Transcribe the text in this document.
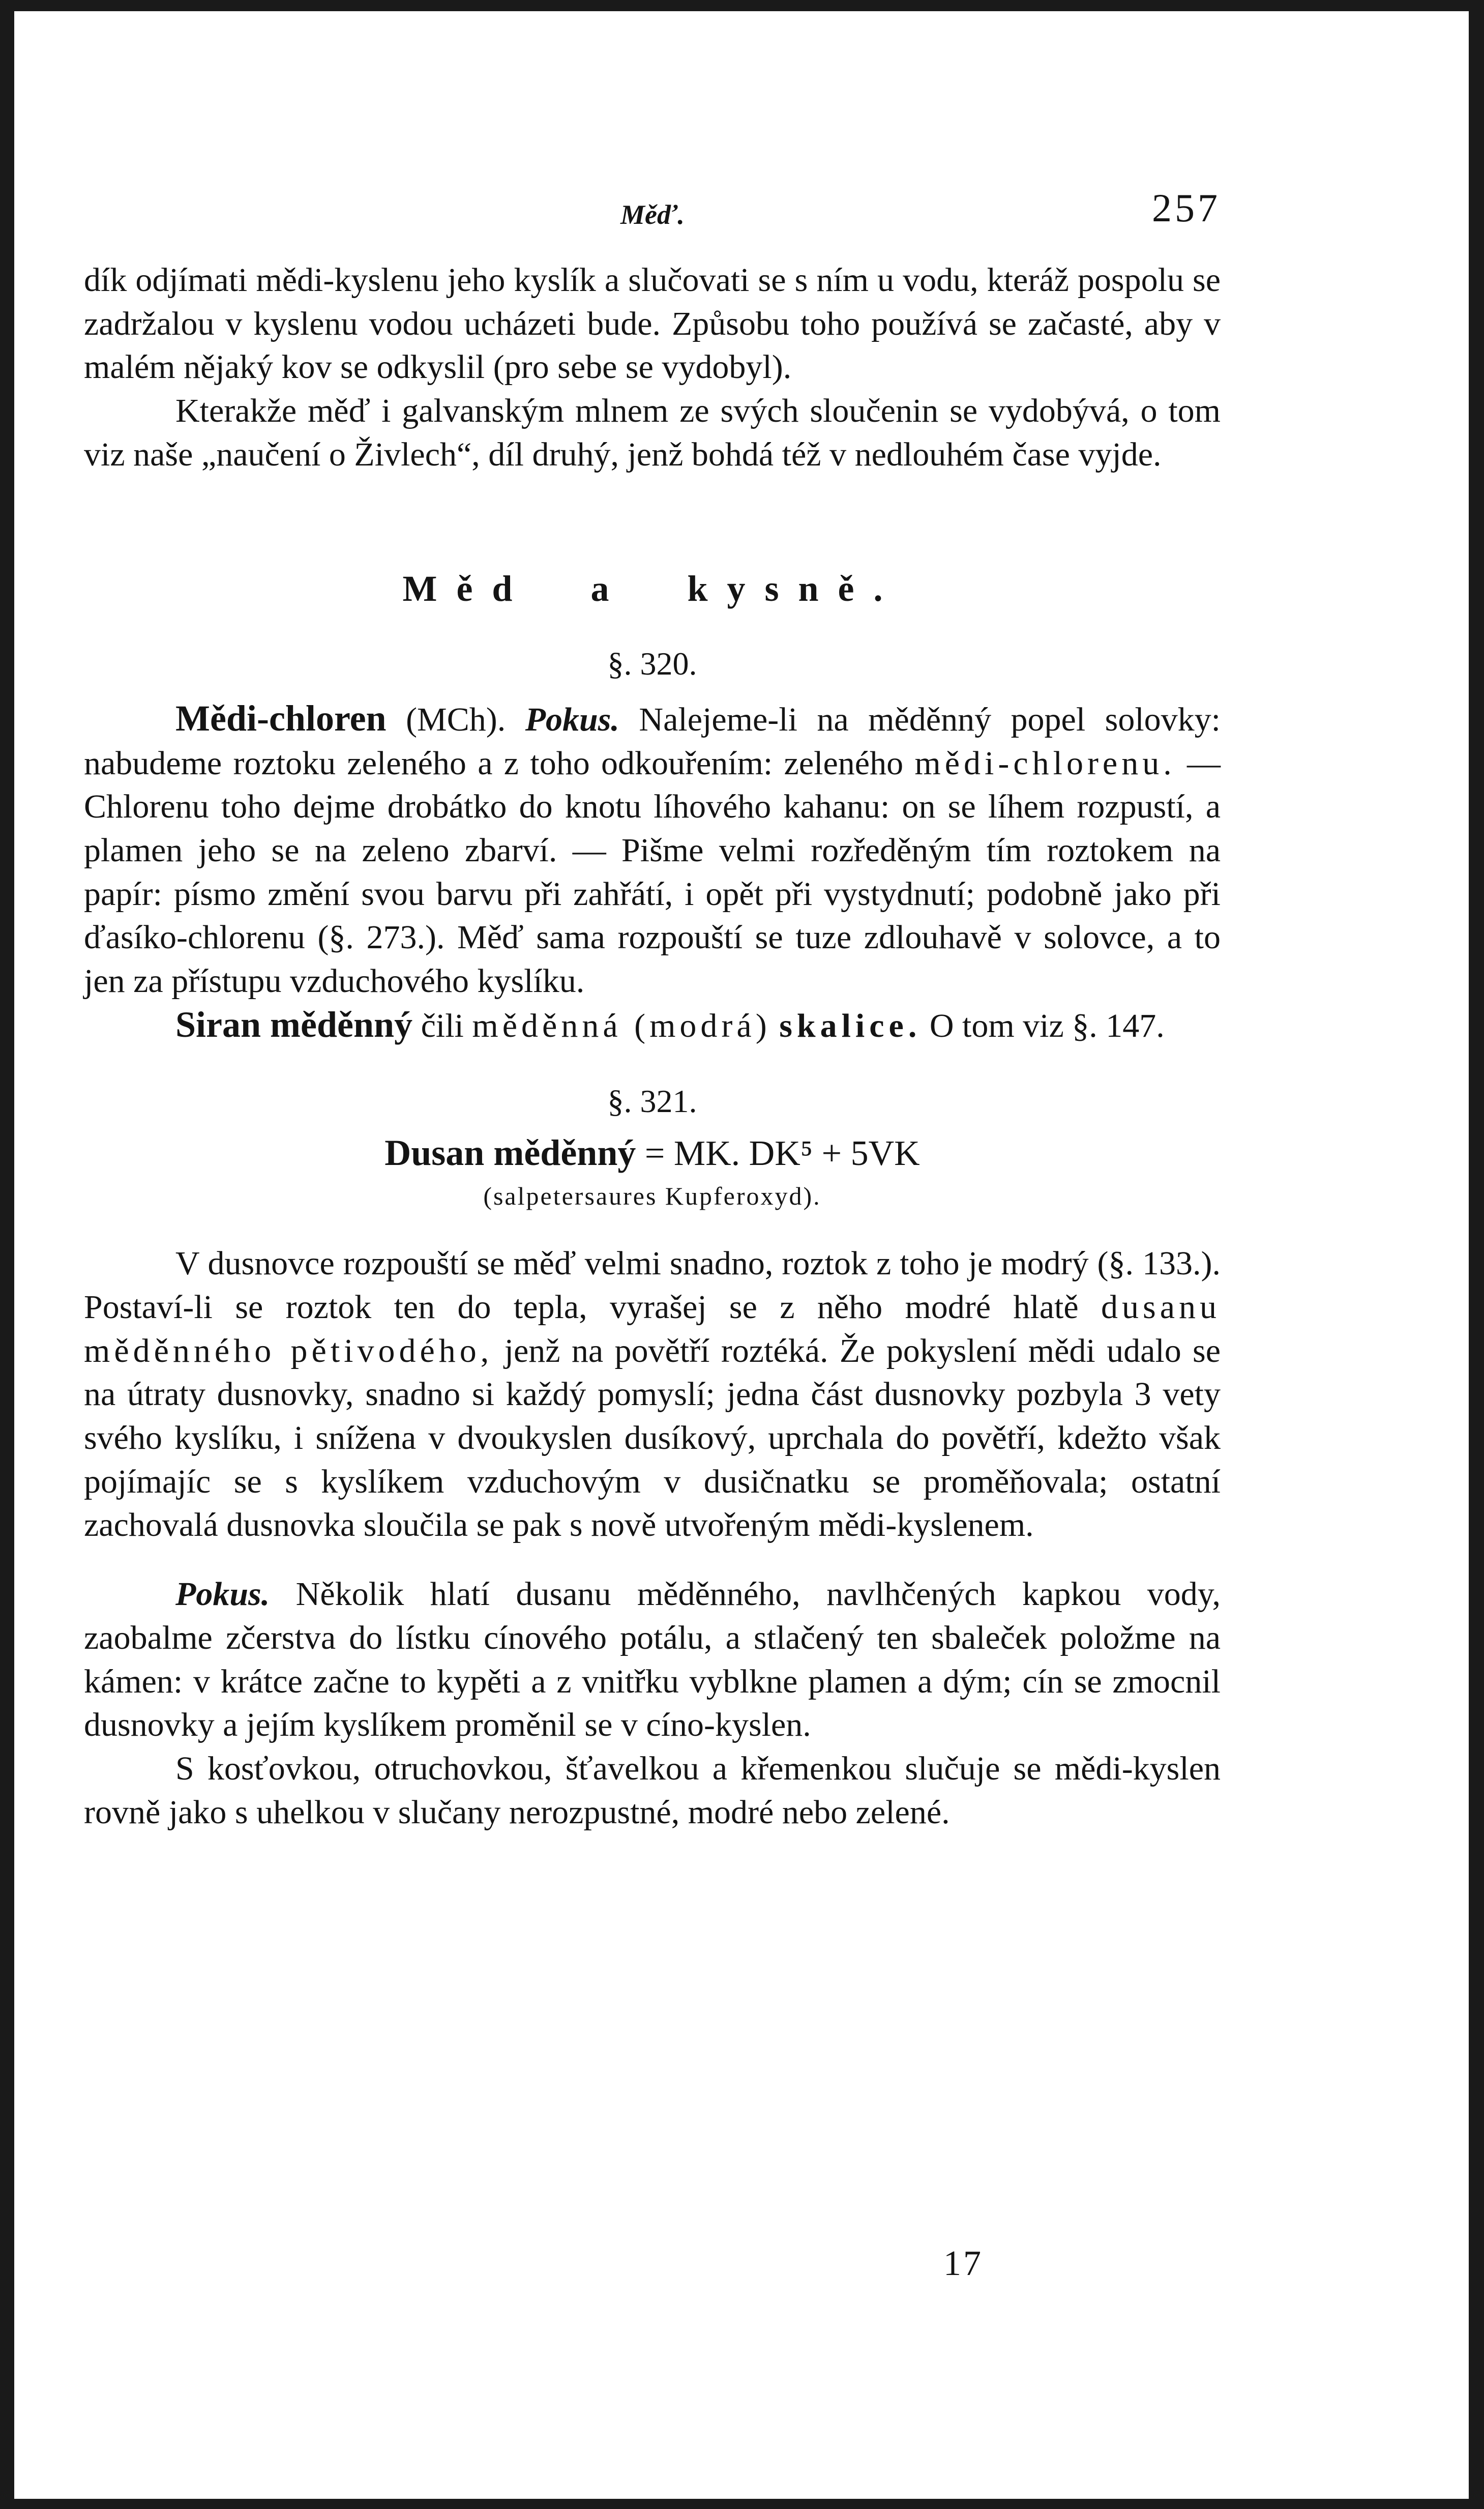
Měď.	257

dík odjímati mědi-kyslenu jeho kyslík a slučovati se s ním u vodu, kteráž pospolu se zadržalou v kyslenu vodou ucházeti bude. Způsobu toho používá se začasté, aby v malém nějaký kov se odkyslil (pro sebe se vydobyl).

Kterakže měď i galvanským mlnem ze svých sloučenin se vydobývá, o tom viz naše „naučení o Živlech“, díl druhý, jenž bohdá též v nedlouhém čase vyjde.

Měd a kysně.
§. 320.

Mědi-chloren (MCh). Pokus. Nalejeme-li na měděnný popel solovky: nabudeme roztoku zeleného a z toho odkouřením: zeleného mědi-chlorenu. — Chlorenu toho dejme drobátko do knotu líhového kahanu: on se líhem rozpustí, a plamen jeho se na zeleno zbarví. — Pišme velmi rozředěným tím roztokem na papír: písmo změní svou barvu při zahřátí, i opět při vystydnutí; podobně jako při ďasíko-chlorenu (§. 273.). Měď sama rozpouští se tuze zdlouhavě v solovce, a to jen za přístupu vzduchového kyslíku.

Siran měděnný čili měděnná (modrá) skalice. O tom viz §. 147.

§. 321.
Dusan měděnný = MK. DK⁵ + 5VK
(salpetersaures Kupferoxyd).

V dusnovce rozpouští se měď velmi snadno, roztok z toho je modrý (§. 133.). Postaví-li se roztok ten do tepla, vyrašej se z něho modré hlatě dusanu měděnného pětivodého, jenž na povětří roztéká. Že pokyslení mědi udalo se na útraty dusnovky, snadno si každý pomyslí; jedna část dusnovky pozbyla 3 vety svého kyslíku, i snížena v dvoukyslen dusíkový, uprchala do povětří, kdežto však pojímajíc se s kyslíkem vzduchovým v dusičnatku se proměňovala; ostatní zachovalá dusnovka sloučila se pak s nově utvořeným mědi-kyslenem.

Pokus. Několik hlatí dusanu měděnného, navlhčených kapkou vody, zaobalme zčerstva do lístku cínového potálu, a stlačený ten sbaleček položme na kámen: v krátce začne to kypěti a z vnitřku vyblkne plamen a dým; cín se zmocnil dusnovky a jejím kyslíkem proměnil se v cíno-kyslen.

S kosťovkou, otruchovkou, šťavelkou a křemenkou slučuje se mědi-kyslen rovně jako s uhelkou v slučany nerozpustné, modré nebo zelené.

17
